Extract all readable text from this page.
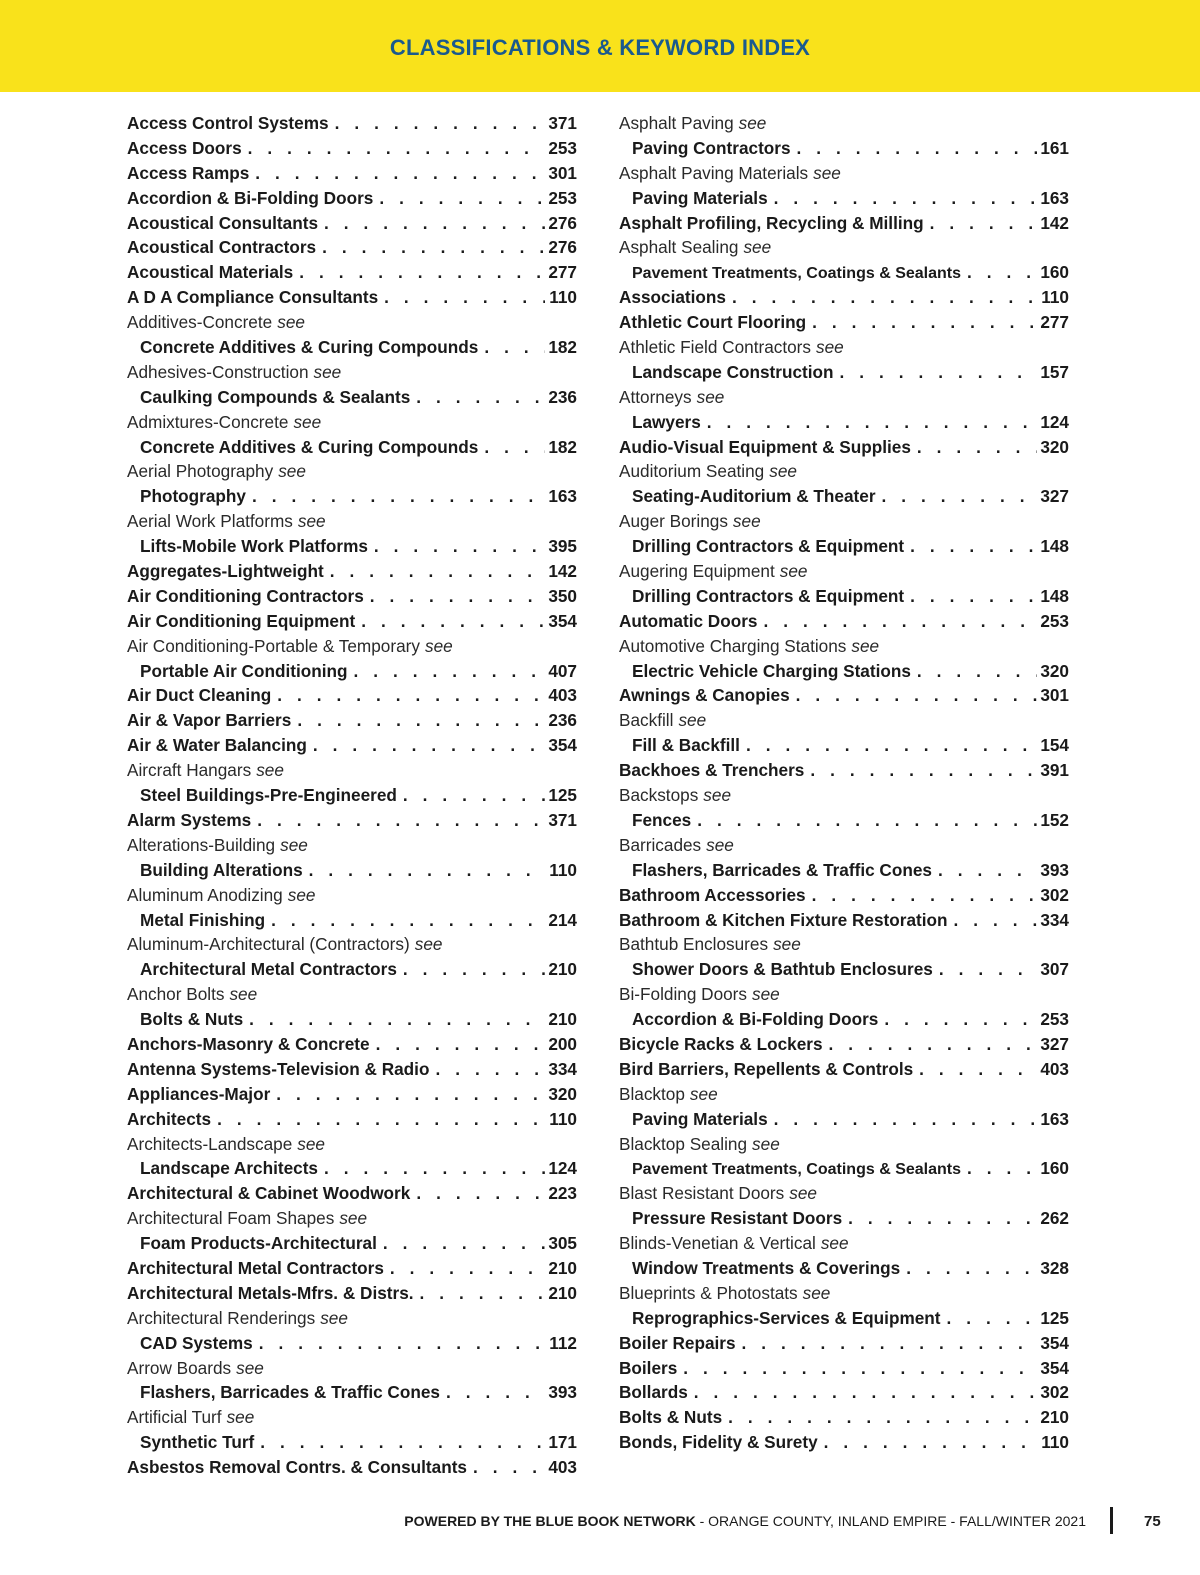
CLASSIFICATIONS & KEYWORD INDEX
Access Control Systems . . .	371
Access Doors . . .	253
Access Ramps . . .	301
Accordion & Bi-Folding Doors . . .	253
Acoustical Consultants . . .	276
Acoustical Contractors . . .	276
Acoustical Materials . . .	277
A D A Compliance Consultants . . .	110
Additives-Concrete see
Concrete Additives & Curing Compounds . . .	182
Adhesives-Construction see
Caulking Compounds & Sealants . . .	236
Admixtures-Concrete see
Concrete Additives & Curing Compounds . . .	182
Aerial Photography see
Photography . . .	163
Aerial Work Platforms see
Lifts-Mobile Work Platforms . . .	395
Aggregates-Lightweight . . .	142
Air Conditioning Contractors . . .	350
Air Conditioning Equipment . . .	354
Air Conditioning-Portable & Temporary see
Portable Air Conditioning . . .	407
Air Duct Cleaning . . .	403
Air & Vapor Barriers . . .	236
Air & Water Balancing . . .	354
Aircraft Hangars see
Steel Buildings-Pre-Engineered . . .	125
Alarm Systems . . .	371
Alterations-Building see
Building Alterations . . .	110
Aluminum Anodizing see
Metal Finishing . . .	214
Aluminum-Architectural (Contractors) see
Architectural Metal Contractors . . .	210
Anchor Bolts see
Bolts & Nuts . . .	210
Anchors-Masonry & Concrete . . .	200
Antenna Systems-Television & Radio . . .	334
Appliances-Major . . .	320
Architects . . .	110
Architects-Landscape see
Landscape Architects . . .	124
Architectural & Cabinet Woodwork . . .	223
Architectural Foam Shapes see
Foam Products-Architectural . . .	305
Architectural Metal Contractors . . .	210
Architectural Metals-Mfrs. & Distrs. . . .	210
Architectural Renderings see
CAD Systems . . .	112
Arrow Boards see
Flashers, Barricades & Traffic Cones . . .	393
Artificial Turf see
Synthetic Turf . . .	171
Asbestos Removal Contrs. & Consultants . . .	403
Asphalt Paving see
Paving Contractors . . .	161
Asphalt Paving Materials see
Paving Materials . . .	163
Asphalt Profiling, Recycling & Milling . . .	142
Asphalt Sealing see
Pavement Treatments, Coatings & Sealants . . .	160
Associations . . .	110
Athletic Court Flooring . . .	277
Athletic Field Contractors see
Landscape Construction . . .	157
Attorneys see
Lawyers . . .	124
Audio-Visual Equipment & Supplies . . .	320
Auditorium Seating see
Seating-Auditorium & Theater . . .	327
Auger Borings see
Drilling Contractors & Equipment . . .	148
Augering Equipment see
Drilling Contractors & Equipment . . .	148
Automatic Doors . . .	253
Automotive Charging Stations see
Electric Vehicle Charging Stations . . .	320
Awnings & Canopies . . .	301
Backfill see
Fill & Backfill . . .	154
Backhoes & Trenchers . . .	391
Backstops see
Fences . . .	152
Barricades see
Flashers, Barricades & Traffic Cones . . .	393
Bathroom Accessories . . .	302
Bathroom & Kitchen Fixture Restoration . . .	334
Bathtub Enclosures see
Shower Doors & Bathtub Enclosures . . .	307
Bi-Folding Doors see
Accordion & Bi-Folding Doors . . .	253
Bicycle Racks & Lockers . . .	327
Bird Barriers, Repellents & Controls . . .	403
Blacktop see
Paving Materials . . .	163
Blacktop Sealing see
Pavement Treatments, Coatings & Sealants . . .	160
Blast Resistant Doors see
Pressure Resistant Doors . . .	262
Blinds-Venetian & Vertical see
Window Treatments & Coverings . . .	328
Blueprints & Photostats see
Reprographics-Services & Equipment . . .	125
Boiler Repairs . . .	354
Boilers . . .	354
Bollards . . .	302
Bolts & Nuts . . .	210
Bonds, Fidelity & Surety . . .	110
POWERED BY THE BLUE BOOK NETWORK - ORANGE COUNTY, INLAND EMPIRE - FALL/WINTER 2021	75
